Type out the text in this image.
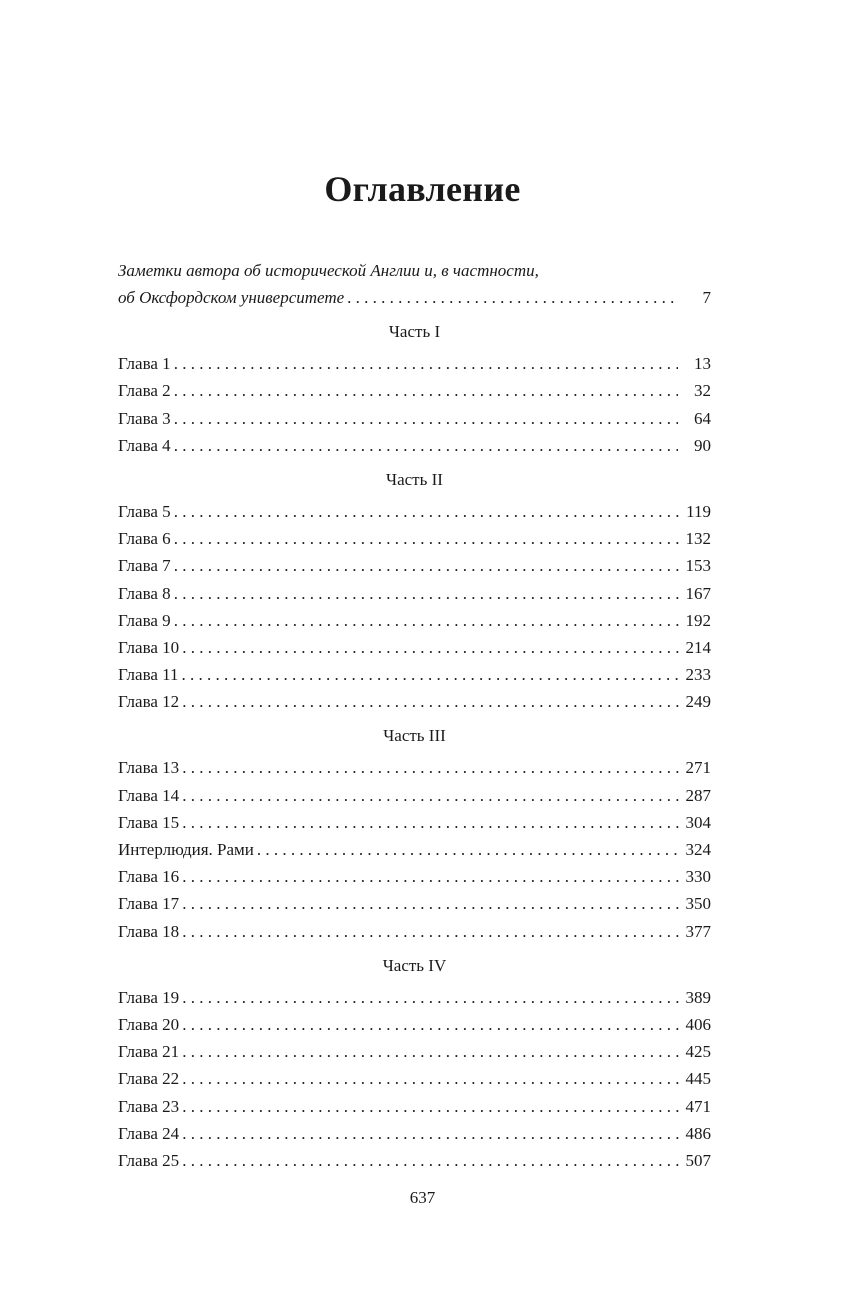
Оглавление
Заметки автора об исторической Англии и, в частности,
об Оксфордском университете . . .	7
Часть I
Глава 1 . . .	13
Глава 2 . . .	32
Глава 3 . . .	64
Глава 4 . . .	90
Часть II
Глава 5 . . .	119
Глава 6 . . .	132
Глава 7 . . .	153
Глава 8 . . .	167
Глава 9 . . .	192
Глава 10 . . .	214
Глава 11 . . .	233
Глава 12 . . .	249
Часть III
Глава 13 . . .	271
Глава 14 . . .	287
Глава 15 . . .	304
Интерлюдия. Рами . . .	324
Глава 16 . . .	330
Глава 17 . . .	350
Глава 18 . . .	377
Часть IV
Глава 19 . . .	389
Глава 20 . . .	406
Глава 21 . . .	425
Глава 22 . . .	445
Глава 23 . . .	471
Глава 24 . . .	486
Глава 25 . . .	507
637
